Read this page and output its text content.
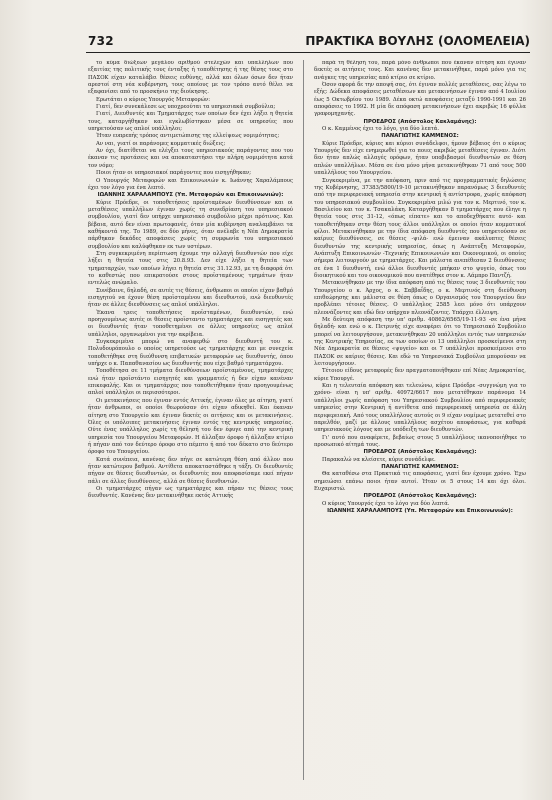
732	ΠΡΑΚΤΙΚΑ ΒΟΥΛΗΣ (ΟΛΟΜΕΛΕΙΑ)

το κύμα διώξεων μεγάλου αριθμού στελεχών και υπαλλήλων που εξαιτίας της πολιτικής τους ένταξης ή τοποθέτησης ή της θέσης τους στο ΠΑΣΟΚ είχαν καταλάβει θέσεις ευθύνης, αλλά και όλων όσων δεν ήταν αρεστοί στη νέα κυβέρνηση, τους οποίους με τον τρόπο αυτό θέλει να εξαφανίσει από το προσκήνιο της διοίκησης.

Ερωτάται ο κύριος Υπουργός Μεταφορών:

Γιατί, δεν συνεκάλεσε ως υποχρεούται τα υπηρεσιακά συμβούλια;

Γιατί, Διευθυντές και Τμηματάρχες των οποίων δεν έχει λήξει η θητεία τους, καταργήθηκαν και εγκλωβίστηκαν μέσα σε υπηρεσίες που υπηρετούσαν ως απλοί υπάλληλοι;

Ήταν ευπρεπής τρόπος αντιμετώπισης της ελλείψεως νομιμότητας;

Αν ναι, γιατί οι παράνομες κομματικές διώξεις;

Αν όχι, διατίθεται να ελέγξει τους υπηρεσιακούς παράγοντες που του έκαναν τις προτάσεις και να αποκαταστήσει την πλήρη νομιμότητα κατά τον νόμο;

Ποιοι ήταν οι υπηρεσιακοί παράγοντες που εισηγήθηκαν;

Ο Υπουργός Μεταφορών και Επικοινωνιών κ. Ιωάννης Χαραλάμπους έχει τον λόγο για ένα λεπτό.

ΙΩΑΝΝΗΣ ΧΑΡΑΛΑΜΠΟΥΣ (Υπ. Μεταφορών και Επικοινωνιών):

Κύριε Πρόεδρε, οι τοποθετήσεις προϊσταμένων διευθύνσεων και οι μεταθέσεις υπαλλήλων έγιναν χωρίς τη συνεδρίαση του υπηρεσιακού συμβουλίου, γιατί δεν υπήρχε υπηρεσιακό συμβούλιο μέχρι πρότινος. Και βέβαια, αυτό δεν είναι πρωτοφανές, όταν μία κυβέρνηση αναλαμβάνει τα καθήκοντά της. Το 1989, σε δύο μήνες, όταν ανέλαβε η Νέα Δημοκρατία πάρθηκαν δεκάδες αποφάσεις χωρίς τη συμφωνία του υπηρεσιακού συμβουλίου και καλύφθηκαν εκ των υστέρων.

Στη συγκεκριμένη περίπτωση έχουμε την αλλαγή διευθυντών που είχε λήξει η θητεία τους στις 20.8.93. Δεν είχε λήξει η θητεία των τμηματαρχών, των οποίων λήγει η θητεία στις 31.12.93, με τη διαφορά ότι το καθεστώς που επικρατούσε στους προϊσταμένους τμημάτων ήταν εντελώς ανώμαλο.

Συνέβαινε, δηλαδή, σε αυτές τις θέσεις, άνθρωποι οι οποίοι είχαν βαθμό εισηγητού να έχουν θέση προϊσταμένου και διευθυντού, ενώ διευθυντές ήταν σε άλλες διευθύνσεις ως απλοί υπάλληλοι.

Έκανα τρεις τοποθετήσεις προϊσταμένων, διευθυντών, ενώ προηγουμένως αυτές οι θέσεις προϊσταντο τμηματάρχες και εισηγητές και οι διευθυντές ήταν τοποθετημένοι σε άλλες υπηρεσίες ως απλοί υπάλληλοι, οργανωμένοι για την ακρίβεια.

Συγκεκριμένα μπορώ να αναφερθώ στο διευθυντή του κ. Πολυδουρόπουλο ο οποίος υπηρετούσε ως τμηματάρχης και με συνεχεία τοποθετήθηκε στη διεύθυνση επιβατικών μεταφορών ως διευθυντής, όπου υπήρχε ο κ. Παπαθανασίου ως διευθυντής που είχε βαθμό τμηματάρχου.

Τοποθέτησα σε 11 τμήματα διευθύνσεων προϊσταμένους, τμηματάρχες ενώ ήταν προϊστάντο εισηγητές και γραμματείς ή δεν είχαν κανέναν επικεφαλής. Και οι τμηματάρχες που τοποθετήθηκαν ήταν προηγουμένως απλοί υπάλληλοι οι περισσότεροι.

Οι μετακινήσεις που έγιναν εντός Αττικής, έγιναν όλες με αίτηση, γιατί ήταν άνθρωποι, οι οποίοι θεωρούσαν ότι είχαν αδικηθεί. Και έκαναν αίτηση στο Υπουργείο και έγιναν δεκτές οι αιτήσεις και οι μετακινήσεις. Όλες οι υπόλοιπες μετακινήσεις έγιναν εντός της κεντρικής υπηρεσίας. Ούτε ένας υπάλληλος χωρίς τη θέλησή του δεν έφυγε από την κεντρική υπηρεσία του Υπουργείου Μεταφορών. Η άλλαξαν όροφο ή άλλαξαν κτίριο ή πήγαν από τον δεύτερο όροφο στο πέμπτο ή από τον δέκατο στο δεύτερο όροφο του Υπουργείου.

Κατά συνέπεια, κανένας δεν πήγε σε κατώτερη θέση από άλλον που ήταν κατώτερου βαθμού. Αντίθετα αποκαταστάθηκε η τάξη. Οι διευθυντές πήγαν σε θέσεις διευθυντών, οι διευθυντές που αποφασίσαμε εκεί πήγαν πάλι σε άλλες διευθύνσεις, αλλά σε θέσεις διευθυντών.

Οι τμηματάρχες πήγαν ως τμηματάρχες και πήραν τις θέσεις τους διευθυντές. Κανένας δεν μετακινήθηκε εκτός Αττικής

παρά τη θέλησή του, παρά μόνο άνθρωποι που έκαναν αίτηση και έγιναν δεκτές οι αιτήσεις τους. Και κανένας δεν μετακινήθηκε, παρά μόνο για τις ανάγκες της υπηρεσίας από κτίριο σε κτίριο.

Όσον αφορά δε την αποψή σας, ότι έγιναν πολλές μεταθέσεις, σας λέγω το εξής: Δώδεκα αποφάσεις μεταθέσεων και μετακινήσεων έγιναν από 4 Ιουλίου έως 5 Οκτωβρίου του 1989. Δέκα οκτώ αποφάσεις μεταξύ 1990-1991 και 26 αποφάσεις το 1992. Η μία δε απόφαση μετακινήσεων έχει ακριβώς 16 φύλλα γραφομηχανής.

ΠΡΟΕΔΡΟΣ (Απόστολος Κακλαμάνης):

Ο κ. Καμμένος έχει το λόγο, για δύο λεπτά.

ΠΑΝΑΓΙΩΤΗΣ ΚΑΜΜΕΝΟΣ:

Κύριε Πρόεδρε, κύριες και κύριοι συνάδελφοι, ήμουν βέβαιος ότι ο κύριος Υπουργός δεν είχε ενημερωθεί για το ποιες ακριβώς μεταθέσεις έγιναν. Διότι δεν ήταν απλώς αλλαγές ορόφων, ήταν υποβιβασμοί διευθυντών σε θέση απλών υπαλλήλων. Μέσα σε ένα μόνο μήνα μετακινήθηκαν 71 από τους 500 υπαλλήλους του Υπουργείου.

Συγκεκριμένα, με την απόφαση, πριν από τις προγραμματικές δηλώσεις της Κυβέρνησης, 37383/5800/19-10 μετακινήθηκαν παρανόμως 3 διευθυντές από την περιφερειακή υπηρεσία στην κεντρική ή αντίστροφα, χωρίς απόφαση του υπηρεσιακού συμβουλίου. Συγκεκριμένα μιλώ για τον κ. Μερτινό, τον κ. Βασιλείου και τον κ. Τσακαλάκη. Καταργήθηκαν 8 τμηματάρχες που έληγε η θητεία τους στις 31-12, «όπως είπατε» και το αποδεχθήκατε αυτό· και τοποθετήθηκαν στην θέση τους άλλοι υπάλληλοι οι οποίοι ήταν κομματικοί φίλοι. Μετακινήθηκαν με την ίδια απόφαση διευθυντές που υπηρετούσαν σε καίριες διευθύνσεις, σε θέσεις -ψιλά- ενώ έμειναν ακάλυπτες θέσεις διευθυντών της κεντρικής υπηρεσίας, όπως η Ανάπτυξη Μεταφορών, Ανάπτυξη Επικοινωνιών -Τεχνικής Επικοινωνιών και Οικονομικού, οι οποίες σήμερα λειτουργούν με τμηματάρχες. Και μάλιστα ανεπέθεσαν 2 διευθύνσεις σε ένα 1 διευθυντή, ενώ άλλοι διευθυντές μπήκαν στο ψυγείο, όπως του διοικητικού και του οικονομικού που ανατέθηκε στον κ. Λάμπρο Παντζή.

Μετακινήθηκαν με την ίδια απόφαση από τις θέσεις τους 3 διευθυντές του Υπουργείου ο κ. Άρχος, ο κ. Σαββαΐδης, ο κ. Μερτινός στη διεύθυνση επιθεώρησης και μάλιστα σε θέση όπως ο Οργανισμός του Υπουργείου δεν προβλέπει τέτοιες θέσεις. Ο υπάλληλος 2585 λεει μόνο ότι υπάρχουν πλεονάζοντες και εδώ δεν υπήρχαν πλεονάζοντες. Υπάρχει έλλειψη.

Με δεύτερη απόφαση την υπ' αριθμ. 40862/6565/19-11-93 -σε ένα μήνα δηλαδή- και ενώ ο κ. Πετρινής είχε αναφέρει ότι το Υπηρεσιακό Συμβούλιο μπορεί να λειτουργήσουν, μετακινήθηκαν 20 υπάλληλοι εντός των υπηρεσιών της Κεντρικής Υπηρεσίας, εκ των οποίων οι 13 υπάλληλοι προσκείμενοι στη Νέα Δημοκρατία σε θέσεις «ψυγείο» και οι 7 υπάλληλοι προσκείμενοι στο ΠΑΣΟΚ σε καίριες θέσεις. Και εδώ τα Υπηρεσιακά Συμβούλια μπορούσαν να λειτουργήσουν.

Τέτοιου είδους μεταφορές δεν πραγματοποιήθηκαν επί Νέας Δημοκρατίας, κύριε Υπουργέ.

Και η τελευταία απόφαση και τελειώνω, κύριε Πρόεδρε -συγγνώμη για το χρόνο- είναι η υπ' αριθμ. 40972/6617 που μετατέθηκαν παράνομα 14 υπάλληλοι χωρίς απόφαση του Υπηρεσιακού Συμβουλίου από περιφερειακές υπηρεσίες στην Κεντρική ή αντίθετα από περιφερειακή υπηρεσία σε άλλη περιφερειακή. Από τους υπαλλήλους αυτούς οι 9 είχαν νομίμως μετατεθεί στο παρελθόν, μαζί με άλλους υπαλλήλους ασχέτου αποφάσεως, για καθαρά υπηρεσιακούς λόγους και με υπόδειξη των διευθυντών.

Γι' αυτό που αναφέρετε, βεβαίως στους 5 υπαλλήλους ικανοποιήθηκε το προσωπικό αίτημά τους.

ΠΡΟΕΔΡΟΣ (Απόστολος Κακλαμάνης):

Παρακαλώ να κλείσετε, κύριε συνάδελφε.

ΠΑΝΑΓΙΩΤΗΣ ΚΑΜΜΕΝΟΣ:

Θα καταθέσω στα Πρακτικά τις αποφάσεις, γιατί δεν έχουμε χρόνο. Έχω σημειώσει επάνω ποιοι ήταν αυτοί. Ήταν οι 5 στους 14 και όχι όλοι. Ευχαριστώ.

ΠΡΟΕΔΡΟΣ (Απόστολος Κακλαμάνης):

Ο κύριος Υπουργός έχει το λόγο για δύο λεπτά.

ΙΩΑΝΝΗΣ ΧΑΡΑΛΑΜΠΟΥΣ (Υπ. Μεταφορών και Επικοινωνιών):
